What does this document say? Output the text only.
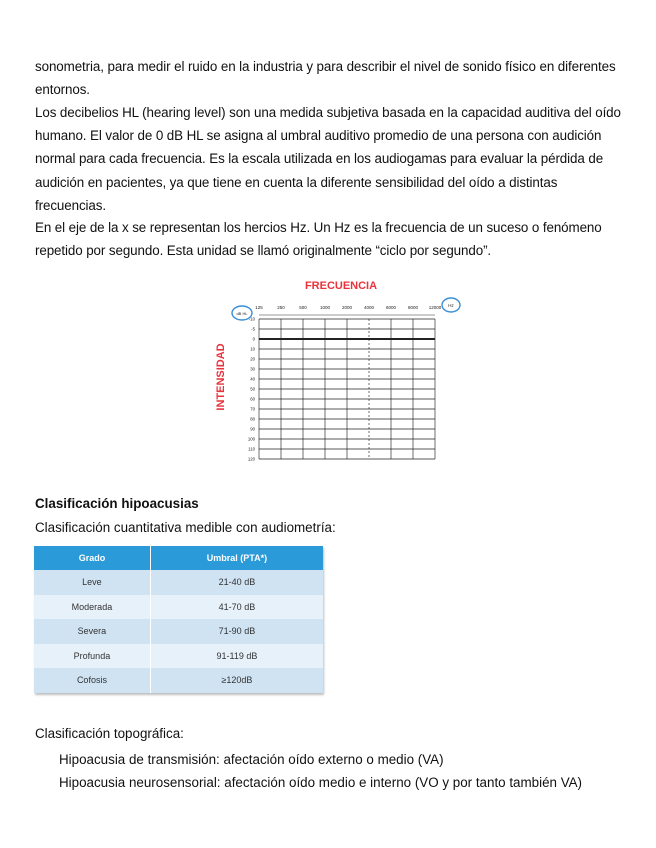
sonometria, para medir el ruido en la industria y para describir el nivel de sonido físico en diferentes entornos.

Los decibelios HL (hearing level) son una medida subjetiva basada en la capacidad auditiva del oído humano. El valor de 0 dB HL se asigna al umbral auditivo promedio de una persona con audición normal para cada frecuencia. Es la escala utilizada en los audiogamas para evaluar la pérdida de audición en pacientes, ya que tiene en cuenta la diferente sensibilidad del oído a distintas frecuencias.

En el eje de la x se representan los hercios Hz. Un Hz es la frecuencia de un suceso o fenómeno repetido por segundo. Esta unidad se llamó originalmente “ciclo por segundo”.

FRECUENCIA
INTENSIDAD
dB HL
Hz
125	250	500	1000	2000	4000	6000	8000 12000
-10
-5
0
10
20
30
40
50
60
70
80
90
100
110
120
Clasificación hipoacusias
Clasificación cuantitativa medible con audiometría:
Grado	Umbral (PTA*)
Leve	21-40 dB
Moderada	41-70 dB
Severa	71-90 dB
Profunda	91-119 dB
Cofosis	≥120dB
Clasificación topográfica:
Hipoacusia de transmisión: afectación oído externo o medio (VA)
Hipoacusia neurosensorial: afectación oído medio e interno (VO y por tanto también VA)
